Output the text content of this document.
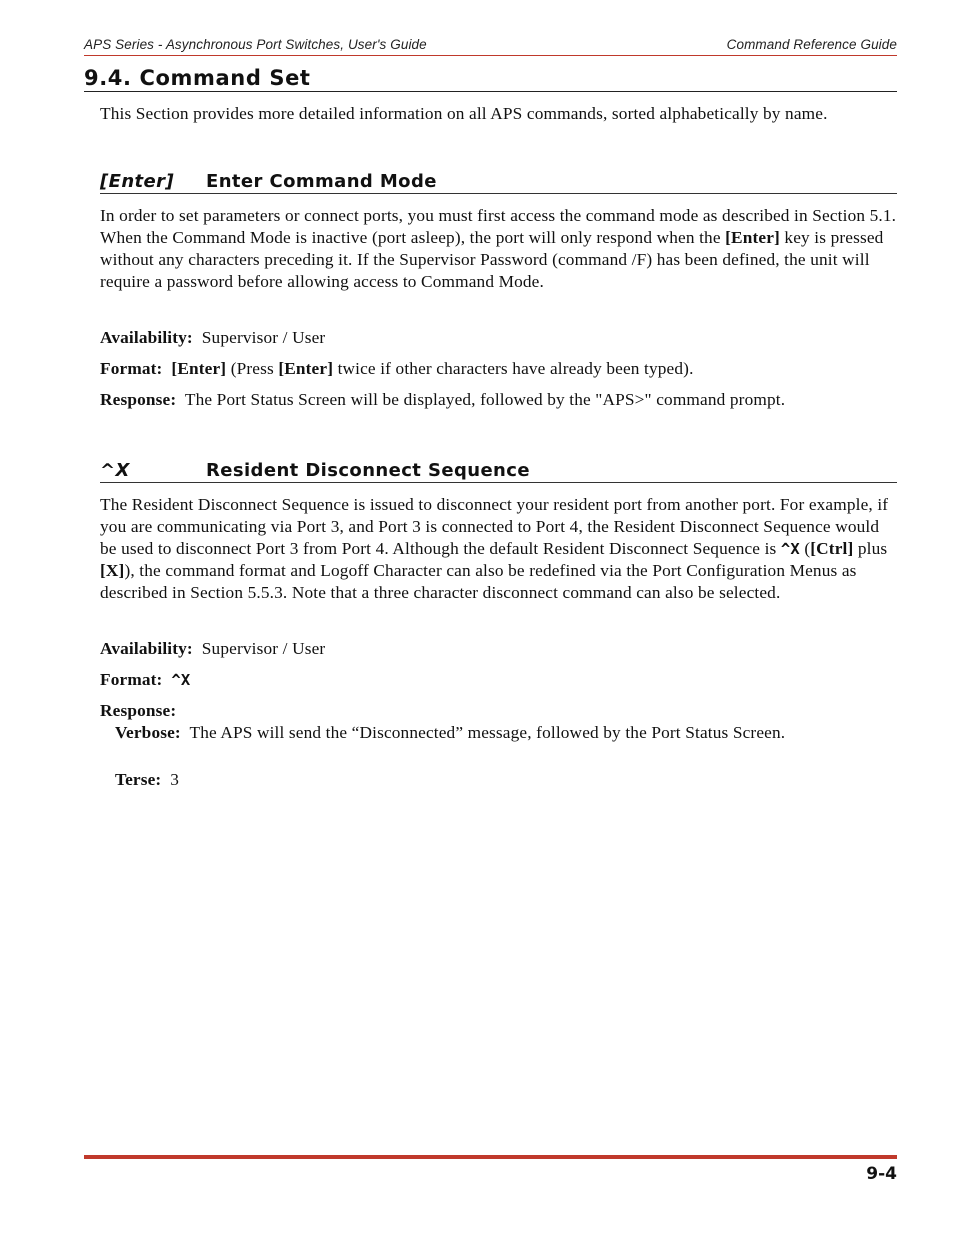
APS Series - Asynchronous Port Switches, User's Guide	Command Reference Guide
9.4. Command Set

This Section provides more detailed information on all APS commands, sorted alphabetically by name.

[Enter] Enter Command Mode

In order to set parameters or connect ports, you must first access the command mode as described in Section 5.1. When the Command Mode is inactive (port asleep), the port will only respond when the [Enter] key is pressed without any characters preceding it. If the Supervisor Password (command /F) has been defined, the unit will require a password before allowing access to Command Mode.

Availability: Supervisor / User

Format: [Enter] (Press [Enter] twice if other characters have already been typed).

Response: The Port Status Screen will be displayed, followed by the "APS>" command prompt.

^X	Resident Disconnect Sequence

The Resident Disconnect Sequence is issued to disconnect your resident port from another port. For example, if you are communicating via Port 3, and Port 3 is connected to Port 4, the Resident Disconnect Sequence would be used to disconnect Port 3 from Port 4. Although the default Resident Disconnect Sequence is ^X ([Ctrl] plus [X]), the command format and Logoff Character can also be redefined via the Port Configuration Menus as described in Section 5.5.3. Note that a three character disconnect command can also be selected.

Availability: Supervisor / User

Format: ^X

Response:

Verbose: The APS will send the “Disconnected” message, followed by the Port Status Screen.

Terse: 3

9-4
